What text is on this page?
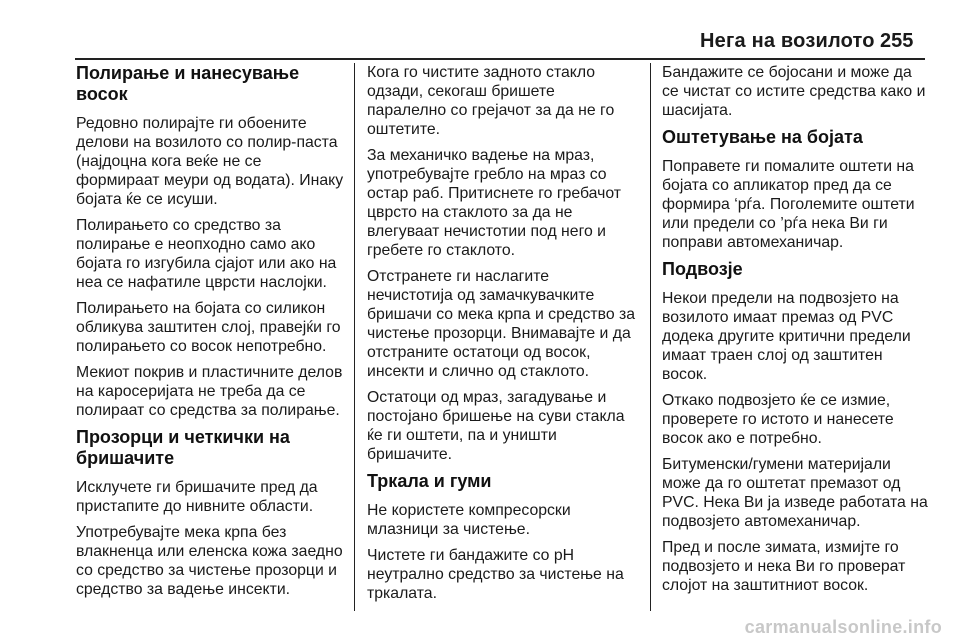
Нега на возилото 255
Полирање и нанесување восок

Редовно полирајте ги обоените делови на возилото со полир-паста (најдоцна кога веќе не се формираат меури од водата). Инаку бојата ќе се исуши.

Полирањето со средство за полирање е неопходно само ако бојата го изгубила сјајот или ако на неа се нафатиле цврсти наслојки.

Полирањето на бојата со силикон обликува заштитен слој, правејќи го полирањето со восок непотребно.

Мекиот покрив и пластичните делов на каросеријата не треба да се полираат со средства за полирање.

Прозорци и четкички на бришачите

Исклучете ги бришачите пред да пристапите до нивните области.

Употребувајте мека крпа без влакненца или еленска кожа заедно со средство за чистење прозорци и средство за вадење инсекти.

Кога го чистите задното стакло одзади, секогаш бришете паралелно со грејачот за да не го оштетите.

За механичко вадење на мраз, употребувајте гребло на мраз со остар раб. Притиснете го гребачот цврсто на стаклото за да не влегуваат нечистотии под него и гребете го стаклото.

Отстранете ги наслагите нечистотија од замачкувачките бришачи со мека крпа и средство за чистење прозорци. Внимавајте и да отстраните остатоци од восок, инсекти и слично од стаклото.

Остатоци од мраз, загадување и постојано бришење на суви стакла ќе ги оштети, па и уништи бришачите.

Тркала и гуми

Не користете компресорски млазници за чистење.

Чистете ги бандажите со pH неутрално средство за чистење на тркалата.

Бандажите се бојосани и може да се чистат со истите средства како и шасијата.

Оштетување на бојата

Поправете ги помалите оштети на бојата со апликатор пред да се формира ‘рѓа. Поголемите оштети или предели со ’рѓа нека Ви ги поправи автомеханичар.

Подвозје

Некои предели на подвозјето на возилото имаат премаз од PVC додека другите критични предели имаат траен слој од заштитен восок.

Откако подвозјето ќе се измие, проверете го истото и нанесете восок ако е потребно.

Битуменски/гумени материјали може да го оштетат премазот од PVC. Нека Ви ја изведе работата на подвозјето автомеханичар.

Пред и после зимата, измијте го подвозјето и нека Ви го проверат слојот на заштитниот восок.

carmanualsonline.info
